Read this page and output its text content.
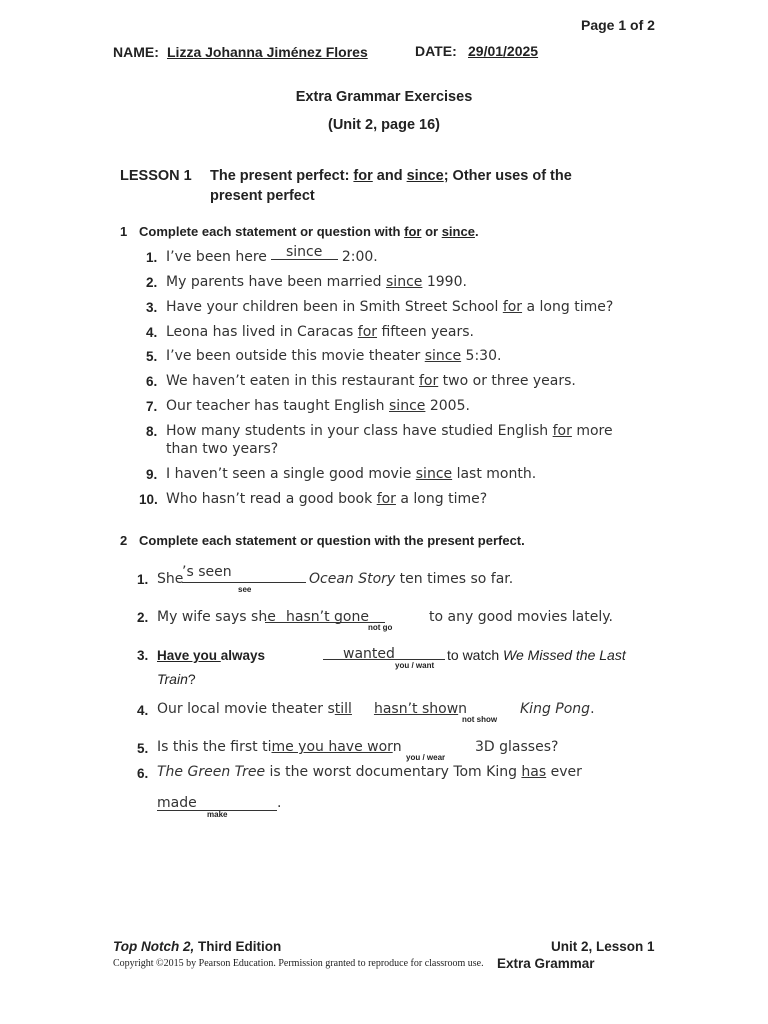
Page 1 of 2
NAME: Lizza Johanna Jiménez Flores	DATE: 29/01/2025
Extra Grammar Exercises
(Unit 2, page 16)
LESSON 1 The present perfect: for and since; Other uses of the
present perfect
1 Complete each statement or question with for or since.
1. I’ve been here	2:00.
since
2. My parents have been married since 1990.
3. Have your children been in Smith Street School for a long time?
4. Leona has lived in Caracas for fifteen years.
5. I’ve been outside this movie theater since 5:30.
6. We haven’t eaten in this restaurant for two or three years.
7. Our teacher has taught English since 2005.
8. How many students in your class have studied English for more
than two years?
9. I haven’t seen a single good movie since last month.
10. Who hasn’t read a good book for a long time?
2 Complete each statement or question with the present perfect.
1. She
’s seen
see
Ocean Story ten times so far.
2. My wife says she hasn’t gone
not go
to any good movies lately.
3. Have you always	wanted
you / want
to watch We Missed the Last
Train?
4. Our local movie theater still hasn’t shown
not show
King Pong.
5. Is this the first time you have worn
you / wear
3D glasses?
6. The Green Tree is the worst documentary Tom King has ever
made
make
.
Top Notch 2, Third Edition	Unit 2, Lesson 1
Copyright ©2015 by Pearson Education. Permission granted to reproduce for classroom use. Extra Grammar
